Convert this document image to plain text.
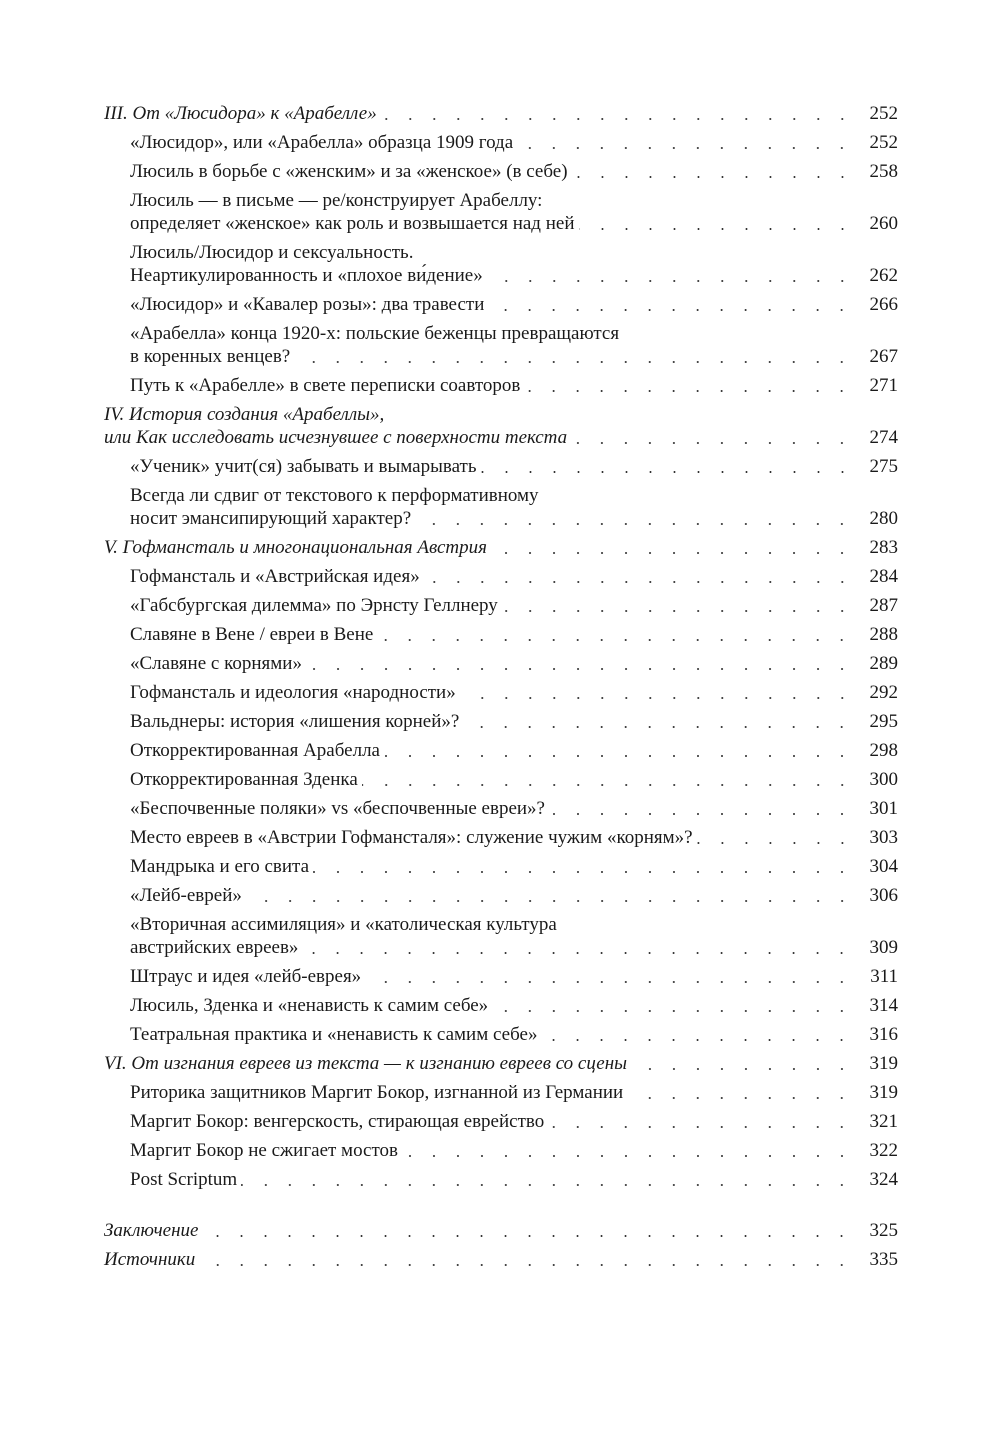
III. От «Люсидора» к «Арабелле»	252
«Люсидор», или «Арабелла» образца 1909 года	252
Люсиль в борьбе с «женским» и за «женское» (в себе)	258
Люсиль — в письме — ре/конструирует Арабеллу:
определяет «женское» как роль и возвышается над ней	260
Люсиль/Люсидор и сексуальность.
Неартикулированность и «плохое ви́дение»	262
«Люсидор» и «Кавалер розы»: два травести	266
«Арабелла» конца 1920-х: польские беженцы превращаются
в коренных венцев?	267
Путь к «Арабелле» в свете переписки соавторов	271
IV. История создания «Арабеллы»,
или Как исследовать исчезнувшее с поверхности текста	274
«Ученик» учит(ся) забывать и вымарывать	275
Всегда ли сдвиг от текстового к перформативному
носит эмансипирующий характер?	280
V. Гофмансталь и многонациональная Австрия	283
Гофмансталь и «Австрийская идея»	284
«Габсбургская дилемма» по Эрнсту Геллнеру	287
Славяне в Вене / евреи в Вене	288
«Славяне с корнями»	289
Гофмансталь и идеология «народности»	292
Вальднеры: история «лишения корней»?	295
Откорректированная Арабелла	298
Откорректированная Зденка	300
«Беспочвенные поляки» vs «беспочвенные евреи»?	301
Место евреев в «Австрии Гофмансталя»: служение чужим «корням»?	303
Мандрыка и его свита	304
«Лейб-еврей»	306
«Вторичная ассимиляция» и «католическая культура
австрийских евреев»	309
Штраус и идея «лейб-еврея»	311
Люсиль, Зденка и «ненависть к самим себе»	314
Театральная практика и «ненависть к самим себе»	316
VI. От изгнания евреев из текста — к изгнанию евреев со сцены	319
Риторика защитников Маргит Бокор, изгнанной из Германии	319
Маргит Бокор: венгерскость, стирающая еврейство	321
Маргит Бокор не сжигает мостов	322
Post Scriptum	324
Заключение	325
Источники	335
